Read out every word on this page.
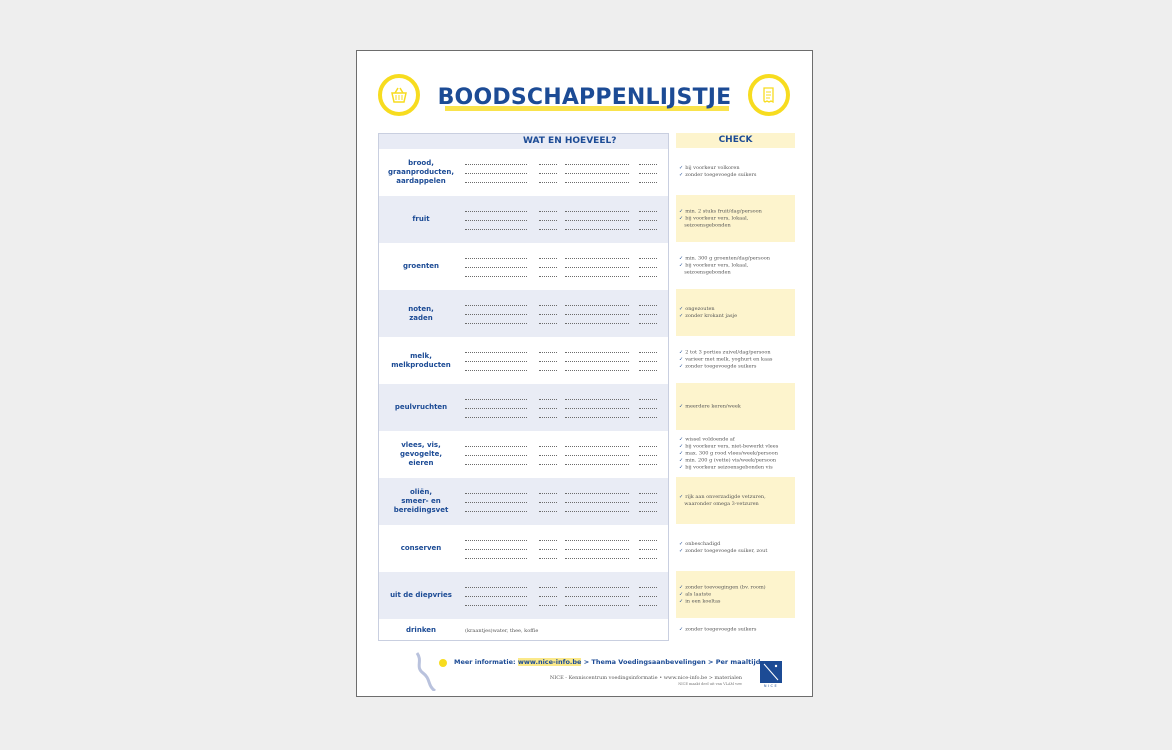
BOODSCHAPPENLIJSTJE
WAT EN HOEVEEL?
brood,
graanproducten,
aardappelen
fruit
groenten
noten,
zaden
melk,
melkproducten
peulvruchten
vlees, vis,
gevogelte,
eieren
oliën,
smeer- en
bereidingsvet
conserven
uit de diepvries
drinken	(kraantjes)water, thee, koffie
CHECK
✓ bij voorkeur volkoren
✓ zonder toegevoegde suikers
✓ min. 2 stuks fruit/dag/persoon
✓ bij voorkeur vers, lokaal,
seizoensgebonden
✓ min. 300 g groenten/dag/persoon
✓ bij voorkeur vers, lokaal,
seizoensgebonden
✓ ongezouten
✓ zonder krokant jasje
✓ 2 tot 3 porties zuivel/dag/persoon
✓ varieer met melk, yoghurt en kaas
✓ zonder toegevoegde suikers
✓ meerdere keren/week
✓ wissel voldoende af
✓ bij voorkeur vers, niet-bewerkt vlees
✓ max. 300 g rood vlees/week/persoon
✓ min. 200 g (vette) vis/week/persoon
✓ bij voorkeur seizoensgebonden vis
✓ rijk aan onverzadigde vetzuren,
waaronder omega 3-vetzuren
✓ onbeschadigd
✓ zonder toegevoegde suiker, zout
✓ zonder toevoegingen (bv. room)
✓ als laatste
✓ in een koeltas
✓ zonder toegevoegde suikers
Meer informatie: www.nice-info.be > Thema Voedingsaanbevelingen > Per maaltijd
NICE - Kenniscentrum voedingsinformatie • www.nice-info.be > materialen
NICE maakt deel uit van VLAM vzw	NICE
